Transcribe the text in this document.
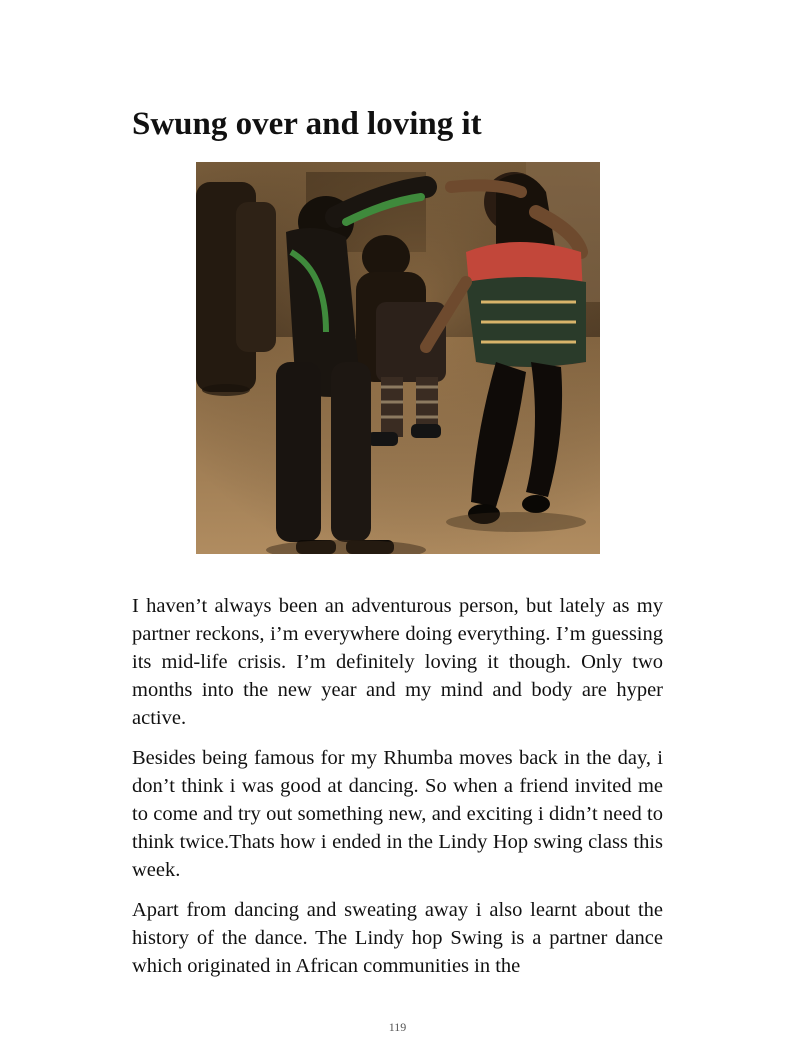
Swung over and loving it

I haven’t always been an adventurous person, but lately as my partner reckons, i’m everywhere doing everything. I’m guessing its mid-life crisis. I’m definitely loving it though. Only two months into the new year and my mind and body are hyper active.

Besides being famous for my Rhumba moves back in the day, i don’t think i was good at dancing. So when a friend invited me to come and try out something new, and exciting i didn’t need to think twice.Thats how i ended in the Lindy Hop swing class this week.

Apart from dancing and sweating away i also learnt about the history of the dance. The Lindy hop Swing is a partner dance which originated in African communities in the

119
